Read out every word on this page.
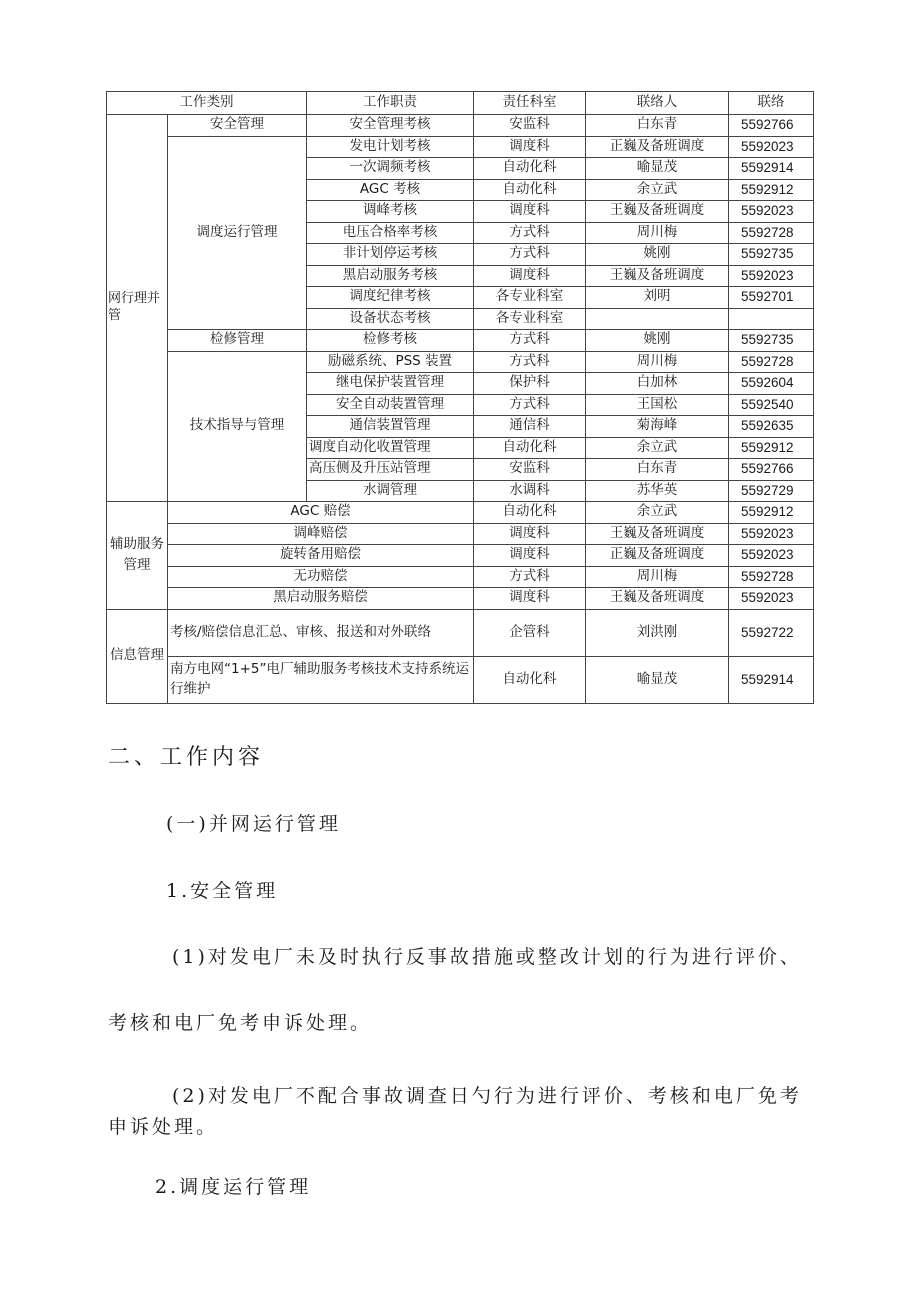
工作类别		工作职责	责任科室	联络人	联络
网行理并管	安全管理	安全管理考核	安监科	白东青	5592766
	调度运行管理	发电计划考核	调度科	正巍及备班调度	5592023
		一次调频考核	自动化科	喻显茂	5592914
		AGC 考核	自动化科	余立武	5592912
		调峰考核	调度科	王巍及备班调度	5592023
		电压合格率考核	方式科	周川梅	5592728
		非计划停运考核	方式科	姚刚	5592735
		黑启动服务考核	调度科	王巍及备班调度	5592023
		调度纪律考核	各专业科室	刘明	5592701
		设备状态考核	各专业科室		
	检修管理	检修考核	方式科	姚刚	5592735
	技术指导与管理	励磁系统、PSS 装置	方式科	周川梅	5592728
		继电保护装置管理	保护科	白加林	5592604
		安全自动装置管理	方式科	王国松	5592540
		通信装置管理	通信科	菊海峰	5592635
		调度自动化收置管理	自动化科	余立武	5592912
		高压侧及升压站管理	安监科	白东青	5592766
		水调管理	水调科	苏华英	5592729
辅助服务管理	AGC 赔偿		自动化科	余立武	5592912
	调峰赔偿		调度科	王巍及备班调度	5592023
	旋转备用赔偿		调度科	正巍及备班调度	5592023
	无功赔偿		方式科	周川梅	5592728
	黑启动服务赔偿		调度科	王巍及备班调度	5592023
信息管理	考核/赔偿信息汇总、审核、报送和对外联络		企管科	刘洪刚	5592722
	南方电网“1+5”电厂辅助服务考核技术支持系统运行维护		自动化科	喻显茂	5592914
二、工作内容
(一)并网运行管理
1.安全管理
(1)对发电厂未及时执行反事故措施或整改计划的行为进行评价、
考核和电厂免考申诉处理。
(2)对发电厂不配合事故调查日勺行为进行评价、考核和电厂免考
申诉处理。
2.调度运行管理
